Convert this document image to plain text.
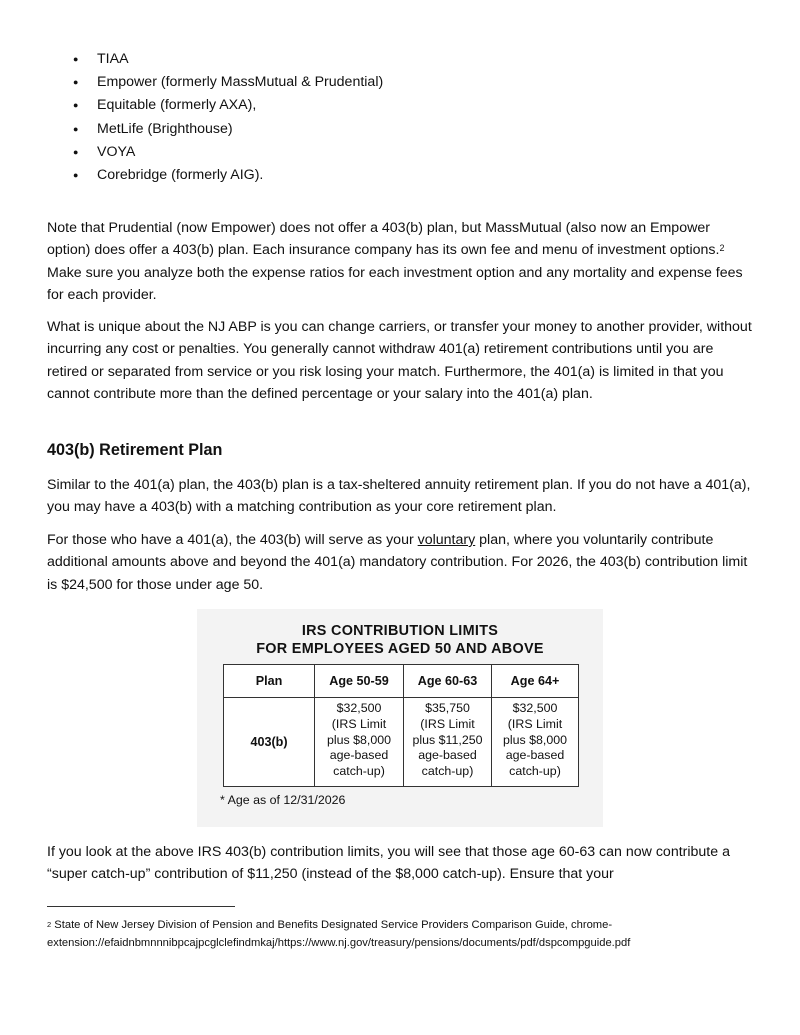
● TIAA
● Empower (formerly MassMutual & Prudential)
● Equitable (formerly AXA),
● MetLife (Brighthouse)
● VOYA
● Corebridge (formerly AIG).

Note that Prudential (now Empower) does not offer a 403(b) plan, but MassMutual (also now an Empower option) does offer a 403(b) plan. Each insurance company has its own fee and menu of investment options.$^2$ Make sure you analyze both the expense ratios for each investment option and any mortality and expense fees for each provider.

What is unique about the NJ ABP is you can change carriers, or transfer your money to another provider, without incurring any cost or penalties. You generally cannot withdraw 401(a) retirement contributions until you are retired or separated from service or you risk losing your match. Furthermore, the 401(a) is limited in that you cannot contribute more than the defined percentage or your salary into the 401(a) plan.

403(b) Retirement Plan

Similar to the 401(a) plan, the 403(b) plan is a tax-sheltered annuity retirement plan. If you do not have a 401(a), you may have a 403(b) with a matching contribution as your core retirement plan.

For those who have a 401(a), the 403(b) will serve as your voluntary plan, where you voluntarily contribute additional amounts above and beyond the 401(a) mandatory contribution. For 2026, the 403(b) contribution limit is $24,500 for those under age 50.

IRS CONTRIBUTION LIMITS
FOR EMPLOYEES AGED 50 AND ABOVE
Plan	Age 50-59	Age 60-63	Age 64+
403(b)	$32,500
(IRS Limit
plus $8,000
age-based
catch-up)	$35,750
(IRS Limit
plus $11,250
age-based
catch-up)	$32,500
(IRS Limit
plus $8,000
age-based
catch-up)
* Age as of 12/31/2026

If you look at the above IRS 403(b) contribution limits, you will see that those age 60-63 can now contribute a “super catch-up” contribution of $11,250 (instead of the $8,000 catch-up). Ensure that your

$^2$ State of New Jersey Division of Pension and Benefits Designated Service Providers Comparison Guide, chrome-extension://efaidnbmnnnibpcajpcglclefindmkaj/https://www.nj.gov/treasury/pensions/documents/pdf/dspcompguide.pdf
